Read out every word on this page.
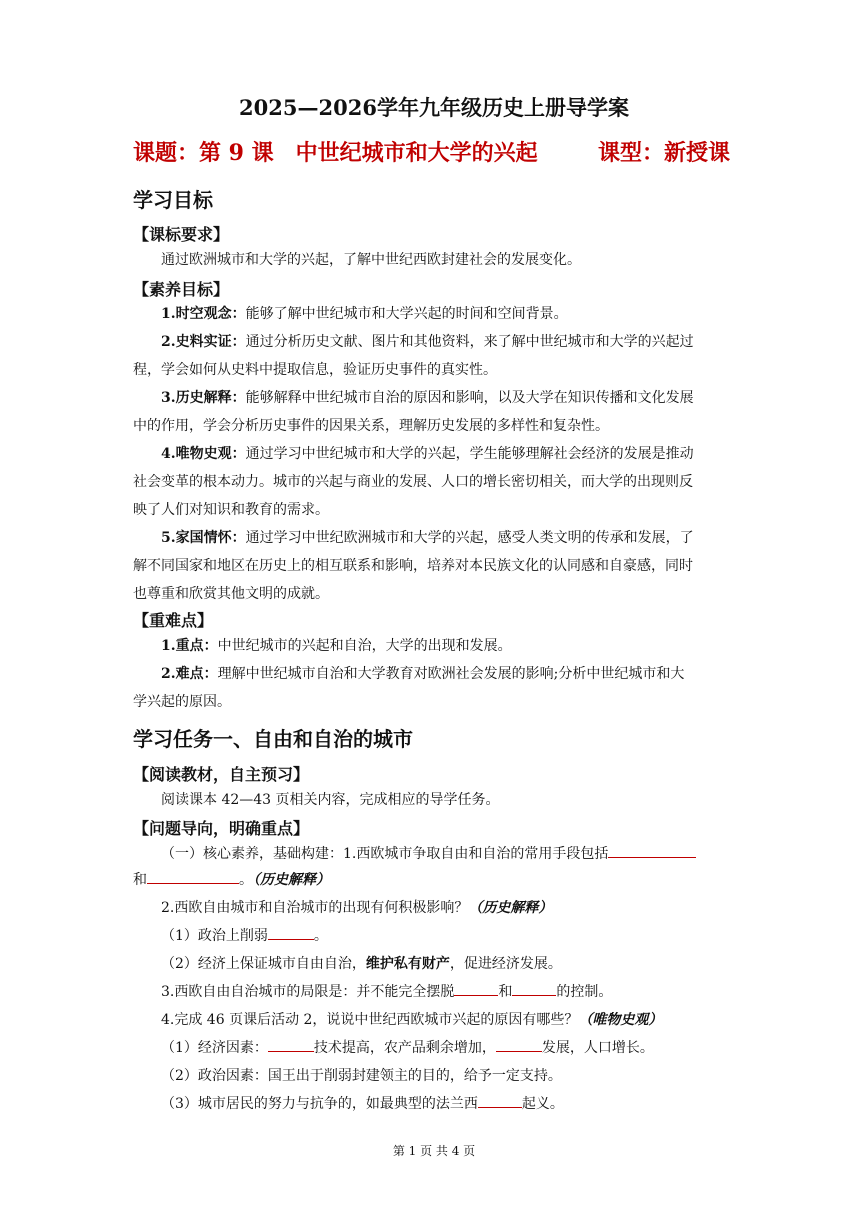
2025—2026学年九年级历史上册导学案
课题：第 9 课　中世纪城市和大学的兴起	课型：新授课
学习目标
【课标要求】
通过欧洲城市和大学的兴起，了解中世纪西欧封建社会的发展变化。
【素养目标】
1.时空观念：能够了解中世纪城市和大学兴起的时间和空间背景。
2.史料实证：通过分析历史文献、图片和其他资料，来了解中世纪城市和大学的兴起过
程，学会如何从史料中提取信息，验证历史事件的真实性。
3.历史解释：能够解释中世纪城市自治的原因和影响，以及大学在知识传播和文化发展
中的作用，学会分析历史事件的因果关系，理解历史发展的多样性和复杂性。
4.唯物史观：通过学习中世纪城市和大学的兴起，学生能够理解社会经济的发展是推动
社会变革的根本动力。城市的兴起与商业的发展、人口的增长密切相关，而大学的出现则反
映了人们对知识和教育的需求。
5.家国情怀：通过学习中世纪欧洲城市和大学的兴起，感受人类文明的传承和发展，了
解不同国家和地区在历史上的相互联系和影响，培养对本民族文化的认同感和自豪感，同时
也尊重和欣赏其他文明的成就。
【重难点】
1.重点：中世纪城市的兴起和自治，大学的出现和发展。
2.难点：理解中世纪城市自治和大学教育对欧洲社会发展的影响;分析中世纪城市和大
学兴起的原因。
学习任务一、自由和自治的城市
【阅读教材，自主预习】
阅读课本 42—43 页相关内容，完成相应的导学任务。
【问题导向，明确重点】
（一）核心素养，基础构建：1.西欧城市争取自由和自治的常用手段包括
和	。（历史解释）
2.西欧自由城市和自治城市的出现有何积极影响？（历史解释）
（1）政治上削弱	。
（2）经济上保证城市自由自治，维护私有财产，促进经济发展。
3.西欧自由自治城市的局限是：并不能完全摆脱	和	的控制。
4.完成 46 页课后活动 2，说说中世纪西欧城市兴起的原因有哪些？（唯物史观）
（1）经济因素：	技术提高，农产品剩余增加，	发展，人口增长。
（2）政治因素：国王出于削弱封建领主的目的，给予一定支持。
（3）城市居民的努力与抗争的，如最典型的法兰西	起义。
第 1 页 共 4 页
